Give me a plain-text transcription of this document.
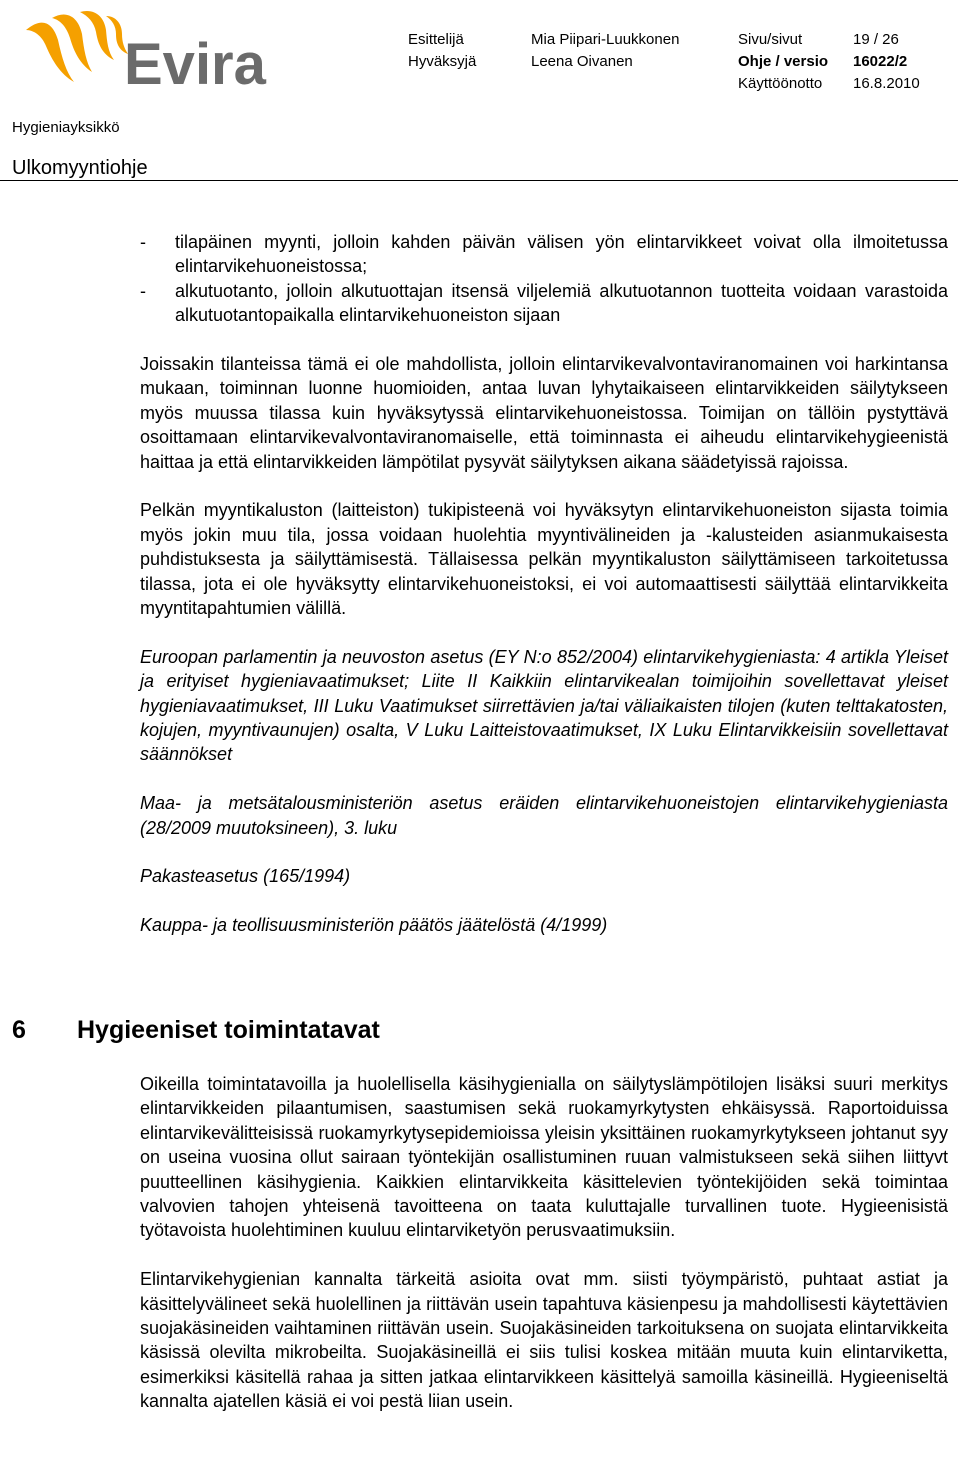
Evira	Esittelijä	Mia Piipari-Luukkonen	Sivu/sivut	19 / 26
Hyväksyjä	Leena Oivanen	Ohje / versio 16022/2
Käyttöönotto 16.8.2010
Hygieniayksikkö
Ulkomyyntiohje
- tilapäinen myynti, jolloin kahden päivän välisen yön elintarvikkeet voivat olla ilmoitetussa elintarvikehuoneistossa;
- alkutuotanto, jolloin alkutuottajan itsensä viljelemiä alkutuotannon tuotteita voidaan varastoida alkutuotantopaikalla elintarvikehuoneiston sijaan

Joissakin tilanteissa tämä ei ole mahdollista, jolloin elintarvikevalvontaviranomainen voi harkintansa mukaan, toiminnan luonne huomioiden, antaa luvan lyhytaikaiseen elintarvikkeiden säilytykseen myös muussa tilassa kuin hyväksytyssä elintarvikehuoneistossa. Toimijan on tällöin pystyttävä osoittamaan elintarvikevalvontaviranomaiselle, että toiminnasta ei aiheudu elintarvikehygieenistä haittaa ja että elintarvikkeiden lämpötilat pysyvät säilytyksen aikana säädetyissä rajoissa.

Pelkän myyntikaluston (laitteiston) tukipisteenä voi hyväksytyn elintarvikehuoneiston sijasta toimia myös jokin muu tila, jossa voidaan huolehtia myyntivälineiden ja -kalusteiden asianmukaisesta puhdistuksesta ja säilyttämisestä. Tällaisessa pelkän myyntikaluston säilyttämiseen tarkoitetussa tilassa, jota ei ole hyväksytty elintarvikehuoneistoksi, ei voi automaattisesti säilyttää elintarvikkeita myyntitapahtumien välillä.

Euroopan parlamentin ja neuvoston asetus (EY N:o 852/2004) elintarvikehygieniasta: 4 artikla Yleiset ja erityiset hygieniavaatimukset; Liite II Kaikkiin elintarvikealan toimijoihin sovellettavat yleiset hygieniavaatimukset, III Luku Vaatimukset siirrettävien ja/tai väliaikaisten tilojen (kuten telttakatosten, kojujen, myyntivaunujen) osalta, V Luku Laitteistovaatimukset, IX Luku Elintarvikkeisiin sovellettavat säännökset

Maa- ja metsätalousministeriön asetus eräiden elintarvikehuoneistojen elintarvikehygieniasta (28/2009 muutoksineen), 3. luku

Pakasteasetus (165/1994)

Kauppa- ja teollisuusministeriön päätös jäätelöstä (4/1999)

6 Hygieeniset toimintatavat

Oikeilla toimintatavoilla ja huolellisella käsihygienialla on säilytyslämpötilojen lisäksi suuri merkitys elintarvikkeiden pilaantumisen, saastumisen sekä ruokamyrkytysten ehkäisyssä. Raportoiduissa elintarvikevälitteisissä ruokamyrkytysepidemioissa yleisin yksittäinen ruokamyrkytykseen johtanut syy on useina vuosina ollut sairaan työntekijän osallistuminen ruuan valmistukseen sekä siihen liittyvt puutteellinen käsihygienia. Kaikkien elintarvikkeita käsittelevien työntekijöiden sekä toimintaa valvovien tahojen yhteisenä tavoitteena on taata kuluttajalle turvallinen tuote. Hygieenisistä työtavoista huolehtiminen kuuluu elintarviketyön perusvaatimuksiin.

Elintarvikehygienian kannalta tärkeitä asioita ovat mm. siisti työympäristö, puhtaat astiat ja käsittelyvälineet sekä huolellinen ja riittävän usein tapahtuva käsienpesu ja mahdollisesti käytettävien suojakäsineiden vaihtaminen riittävän usein. Suojakäsineiden tarkoituksena on suojata elintarvikkeita käsissä olevilta mikrobeilta. Suojakäsineillä ei siis tulisi koskea mitään muuta kuin elintarviketta, esimerkiksi käsitellä rahaa ja sitten jatkaa elintarvikkeen käsittelyä samoilla käsineillä. Hygieeniseltä kannalta ajatellen käsiä ei voi pestä liian usein.
